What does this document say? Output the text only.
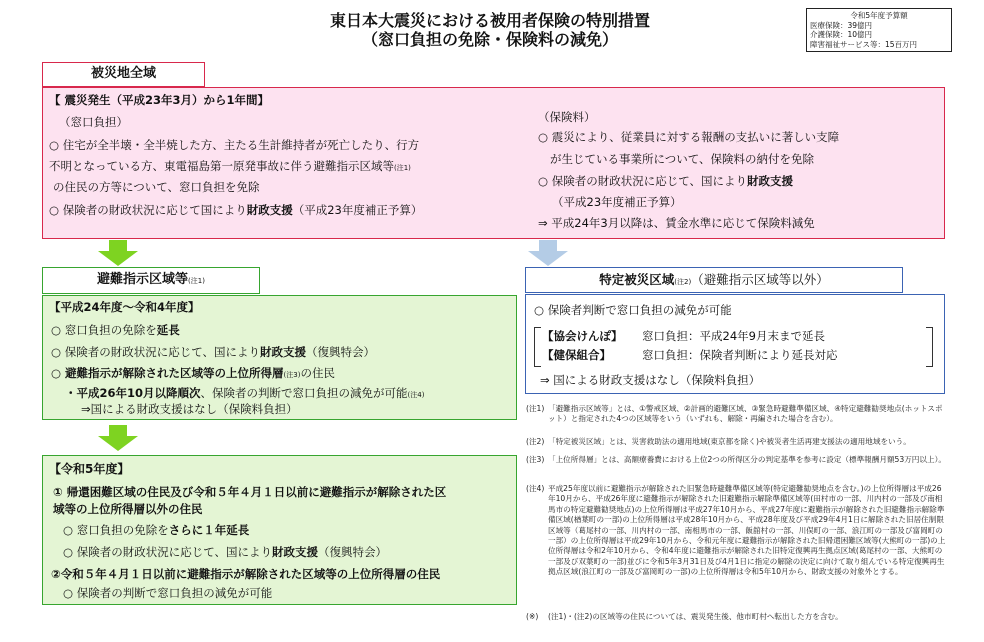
東日本大震災における被用者保険の特別措置
（窓口負担の免除・保険料の減免）
令和5年度予算額
医療保険：39億円
介護保険：10億円
障害福祉サービス等：15百万円
被災地全域
【 震災発生（平成23年3月）から1年間】
（窓口負担）
○ 住宅が全半壊・全半焼した方、主たる生計維持者が死亡したり、行方
不明となっている方、東電福島第一原発事故に伴う避難指示区域等(注1)
の住民の方等について、窓口負担を免除
○ 保険者の財政状況に応じて国により財政支援（平成23年度補正予算）
（保険料）
○ 震災により、従業員に対する報酬の支払いに著しい支障
が生じている事業所について、保険料の納付を免除
○ 保険者の財政状況に応じて、国により財政支援
（平成23年度補正予算）
⇒ 平成24年3月以降は、賃金水準に応じて保険料減免
避難指示区域等(注1)
【平成24年度～令和4年度】
○ 窓口負担の免除を延長
○ 保険者の財政状況に応じて、国により財政支援（復興特会）
○ 避難指示が解除された区域等の上位所得層(注3)の住民
・平成26年10月以降順次、保険者の判断で窓口負担の減免が可能(注4)
⇒国による財政支援はなし（保険料負担）
特定被災区域(注2)（避難指示区域等以外）
○ 保険者判断で窓口負担の減免が可能
【協会けんぽ】 窓口負担：平成24年9月末まで延長
【健保組合】	窓口負担：保険者判断により延長対応
⇒ 国による財政支援はなし（保険料負担）
【令和5年度】
① 帰還困難区域の住民及び令和５年４月１日以前に避難指示が解除された区
域等の上位所得層以外の住民
○ 窓口負担の免除をさらに１年延長
○ 保険者の財政状況に応じて、国により財政支援（復興特会）
②令和５年４月１日以前に避難指示が解除された区域等の上位所得層の住民
○ 保険者の判断で窓口負担の減免が可能
(注1) 「避難指示区域等」とは、①警戒区域、②計画的避難区域、③緊急時避難準備区域、④特定避難勧奨地点(ホットスポット）と指定された4つの区域等をいう（いずれも、解除・再編された場合を含む）。
(注2) 「特定被災区域」とは、災害救助法の適用地域(東京都を除く)や被災者生活再建支援法の適用地域をいう。
(注3) 「上位所得層」とは、高額療養費における上位2つの所得区分の判定基準を参考に設定（標準報酬月額53万円以上）。
(注4) 平成25年度以前に避難指示が解除された旧緊急時避難準備区域等(特定避難勧奨地点を含む。)の上位所得層は平成26年10月から、平成26年度に避難指示が解除された旧避難指示解除準備区域等(田村市の一部、川内村の一部及び南相馬市の特定避難勧奨地点)の上位所得層は平成27年10月から、平成27年度に避難指示が解除された旧避難指示解除準備区域(楢葉町の一部)の上位所得層は平成28年10月から、平成28年度及び平成29年4月1日に解除された旧居住制限区域等（葛尾村の一部、川内村の一部、南相馬市の一部、飯舘村の一部、川俣町の一部、浪江町の一部及び富岡町の一部）の上位所得層は平成29年10月から、令和元年度に避難指示が解除された旧帰還困難区域等(大熊町の一部)の上位所得層は令和2年10月から、令和4年度に避難指示が解除された旧特定復興再生拠点区域(葛尾村の一部、大熊町の一部及び双葉町の一部)並びに令和5年3月31日及び4月1日に指定の解除の決定に向けて取り組んでいる特定復興再生拠点区域(浪江町の一部及び富岡町の一部)の上位所得層は令和5年10月から、財政支援の対象外とする。
(※) (注1)・(注2)の区域等の住民については、震災発生後、他市町村へ転出した方を含む。
